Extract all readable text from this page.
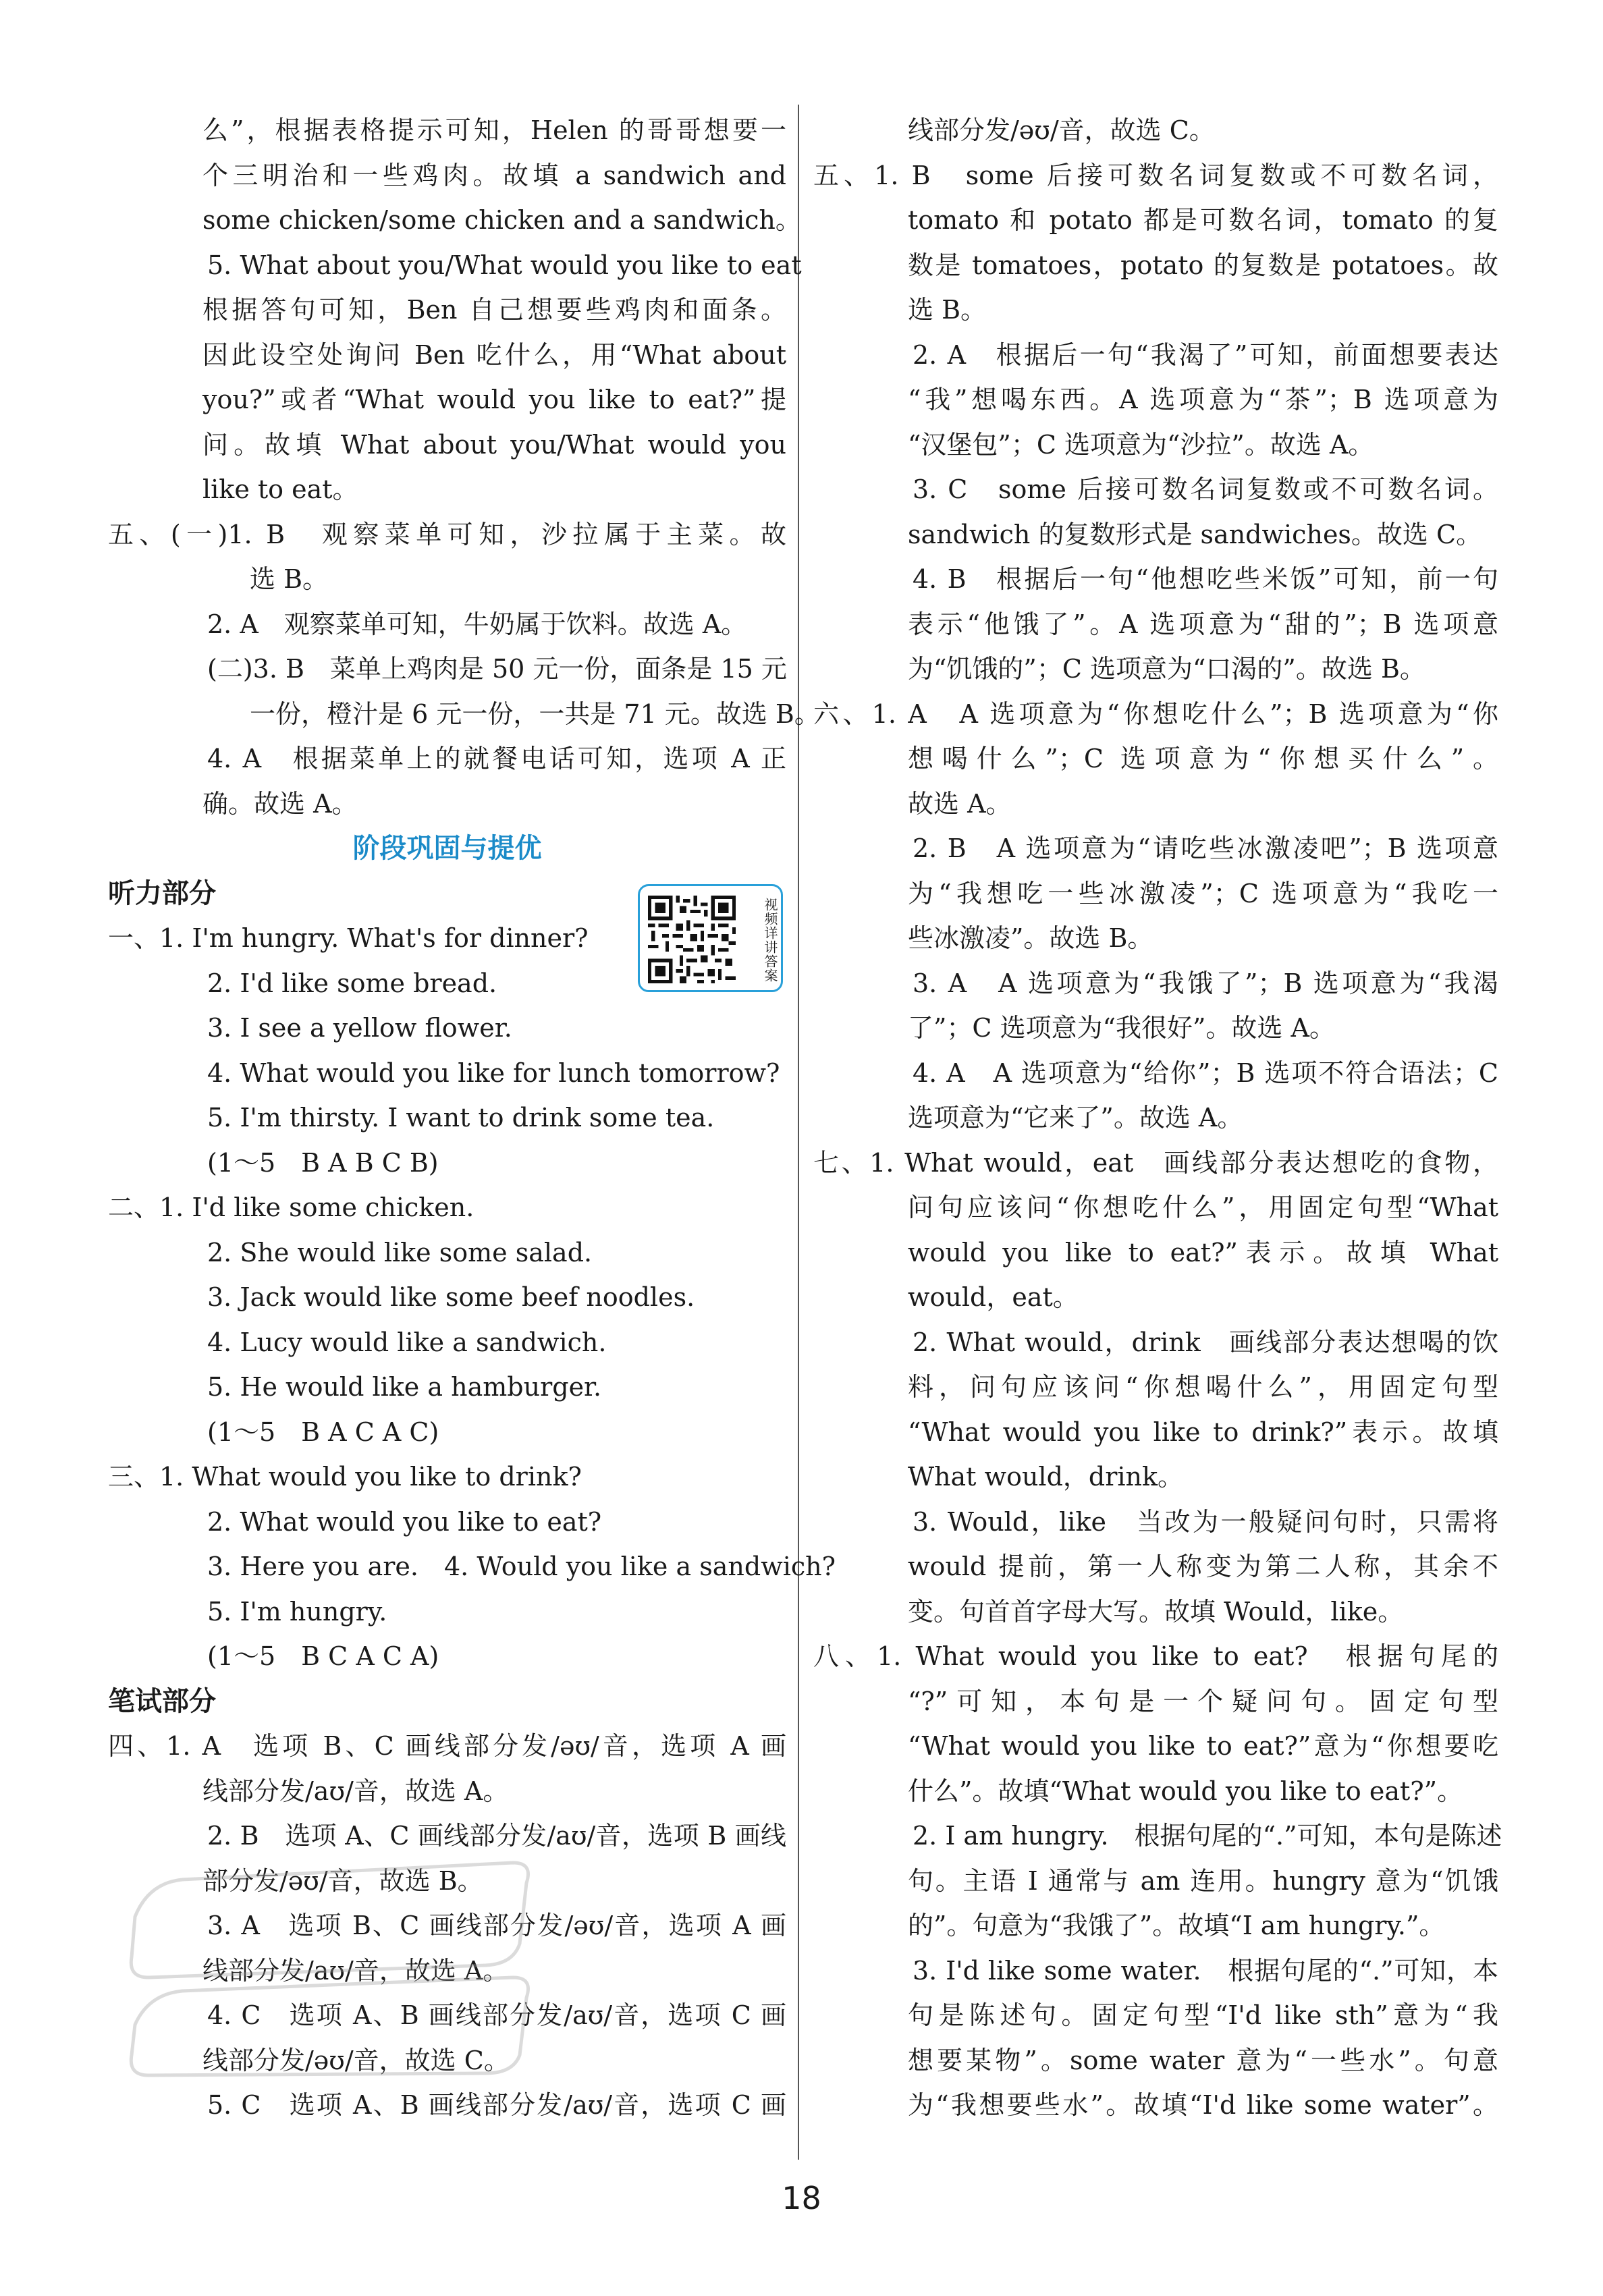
么”，根据表格提示可知，Helen 的哥哥想要一
个三明治和一些鸡肉。故填 a sandwich and
some chicken/some chicken and a sandwich。
5. What about you/What would you like to eat
根据答句可知，Ben 自己想要些鸡肉和面条。
因此设空处询问 Ben 吃什么，用“What about
you?”或者“What would you like to eat?”提
问。故填 What about you/What would you
like to eat。
五、(一)1. B　观察菜单可知，沙拉属于主菜。故
选 B。
2. A　观察菜单可知，牛奶属于饮料。故选 A。
(二)3. B　菜单上鸡肉是 50 元一份，面条是 15 元
一份，橙汁是 6 元一份，一共是 71 元。故选 B。
4. A　根据菜单上的就餐电话可知，选项 A 正
确。故选 A。
阶段巩固与提优
听力部分
一、1. I'm hungry. What's for dinner?
2. I'd like some bread.
3. I see a yellow flower.
4. What would you like for lunch tomorrow?
5. I'm thirsty. I want to drink some tea.
(1～5　B A B C B)
二、1. I'd like some chicken.
2. She would like some salad.
3. Jack would like some beef noodles.
4. Lucy would like a sandwich.
5. He would like a hamburger.
(1～5　B A C A C)
三、1. What would you like to drink?
2. What would you like to eat?
3. Here you are.　4. Would you like a sandwich?
5. I'm hungry.
(1～5　B C A C A)
笔试部分
四、1. A　选项 B、C 画线部分发/əʊ/音，选项 A 画
线部分发/aʊ/音，故选 A。
2. B　选项 A、C 画线部分发/aʊ/音，选项 B 画线
部分发/əʊ/音，故选 B。
3. A　选项 B、C 画线部分发/əʊ/音，选项 A 画
线部分发/aʊ/音，故选 A。
4. C　选项 A、B 画线部分发/aʊ/音，选项 C 画
线部分发/əʊ/音，故选 C。
5. C　选项 A、B 画线部分发/aʊ/音，选项 C 画
线部分发/əʊ/音，故选 C。
五、1. B　some 后接可数名词复数或不可数名词，
tomato 和 potato 都是可数名词，tomato 的复
数是 tomatoes，potato 的复数是 potatoes。故
选 B。
2. A　根据后一句“我渴了”可知，前面想要表达
“我”想喝东西。A 选项意为“茶”；B 选项意为
“汉堡包”；C 选项意为“沙拉”。故选 A。
3. C　some 后接可数名词复数或不可数名词。
sandwich 的复数形式是 sandwiches。故选 C。
4. B　根据后一句“他想吃些米饭”可知，前一句
表示“他饿了”。A 选项意为“甜的”；B 选项意
为“饥饿的”；C 选项意为“口渴的”。故选 B。
六、1. A　A 选项意为“你想吃什么”；B 选项意为“你
想喝什么”；C 选项意为“你想买什么”。
故选 A。
2. B　A 选项意为“请吃些冰激凌吧”；B 选项意
为“我想吃一些冰激凌”；C 选项意为“我吃一
些冰激凌”。故选 B。
3. A　A 选项意为“我饿了”；B 选项意为“我渴
了”；C 选项意为“我很好”。故选 A。
4. A　A 选项意为“给你”；B 选项不符合语法；C
选项意为“它来了”。故选 A。
七、1. What would，eat　画线部分表达想吃的食物，
问句应该问“你想吃什么”，用固定句型“What
would you like to eat?”表示。故填 What
would，eat。
2. What would，drink　画线部分表达想喝的饮
料，问句应该问“你想喝什么”，用固定句型
“What would you like to drink?”表示。故填
What would，drink。
3. Would，like　当改为一般疑问句时，只需将
would 提前，第一人称变为第二人称，其余不
变。句首首字母大写。故填 Would，like。
八、1. What would you like to eat?　根据句尾的
“?”可知，本句是一个疑问句。固定句型
“What would you like to eat?”意为“你想要吃
什么”。故填“What would you like to eat?”。
2. I am hungry.　根据句尾的“.”可知，本句是陈述
句。主语 I 通常与 am 连用。hungry 意为“饥饿
的”。句意为“我饿了”。故填“I am hungry.”。
3. I'd like some water.　根据句尾的“.”可知，本
句是陈述句。固定句型“I'd like sth”意为“我
想要某物”。some water 意为“一些水”。句意
为“我想要些水”。故填“I'd like some water”。
视频详讲答案
18
